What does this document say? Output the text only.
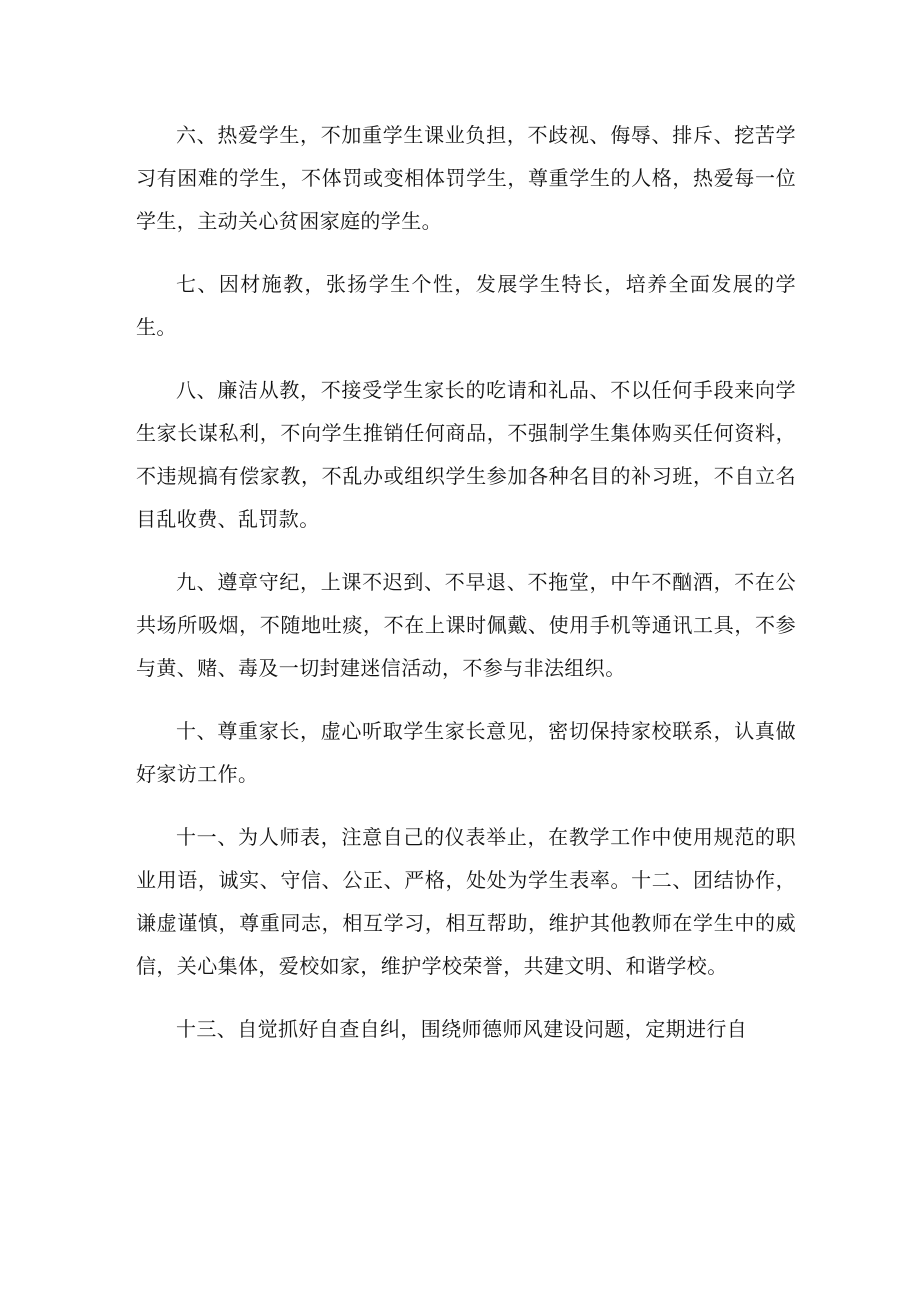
六、热爱学生，不加重学生课业负担，不歧视、侮辱、排斥、挖苦学习有困难的学生，不体罚或变相体罚学生，尊重学生的人格，热爱每一位学生，主动关心贫困家庭的学生。

七、因材施教，张扬学生个性，发展学生特长，培养全面发展的学生。

八、廉洁从教，不接受学生家长的吃请和礼品、不以任何手段来向学生家长谋私利，不向学生推销任何商品，不强制学生集体购买任何资料，不违规搞有偿家教，不乱办或组织学生参加各种名目的补习班，不自立名目乱收费、乱罚款。

九、遵章守纪，上课不迟到、不早退、不拖堂，中午不酗酒，不在公共场所吸烟，不随地吐痰，不在上课时佩戴、使用手机等通讯工具，不参与黄、赌、毒及一切封建迷信活动，不参与非法组织。

十、尊重家长，虚心听取学生家长意见，密切保持家校联系，认真做好家访工作。

十一、为人师表，注意自己的仪表举止，在教学工作中使用规范的职业用语，诚实、守信、公正、严格，处处为学生表率。十二、团结协作，谦虚谨慎，尊重同志，相互学习，相互帮助，维护其他教师在学生中的威信，关心集体，爱校如家，维护学校荣誉，共建文明、和谐学校。

十三、自觉抓好自查自纠，围绕师德师风建设问题，定期进行自
